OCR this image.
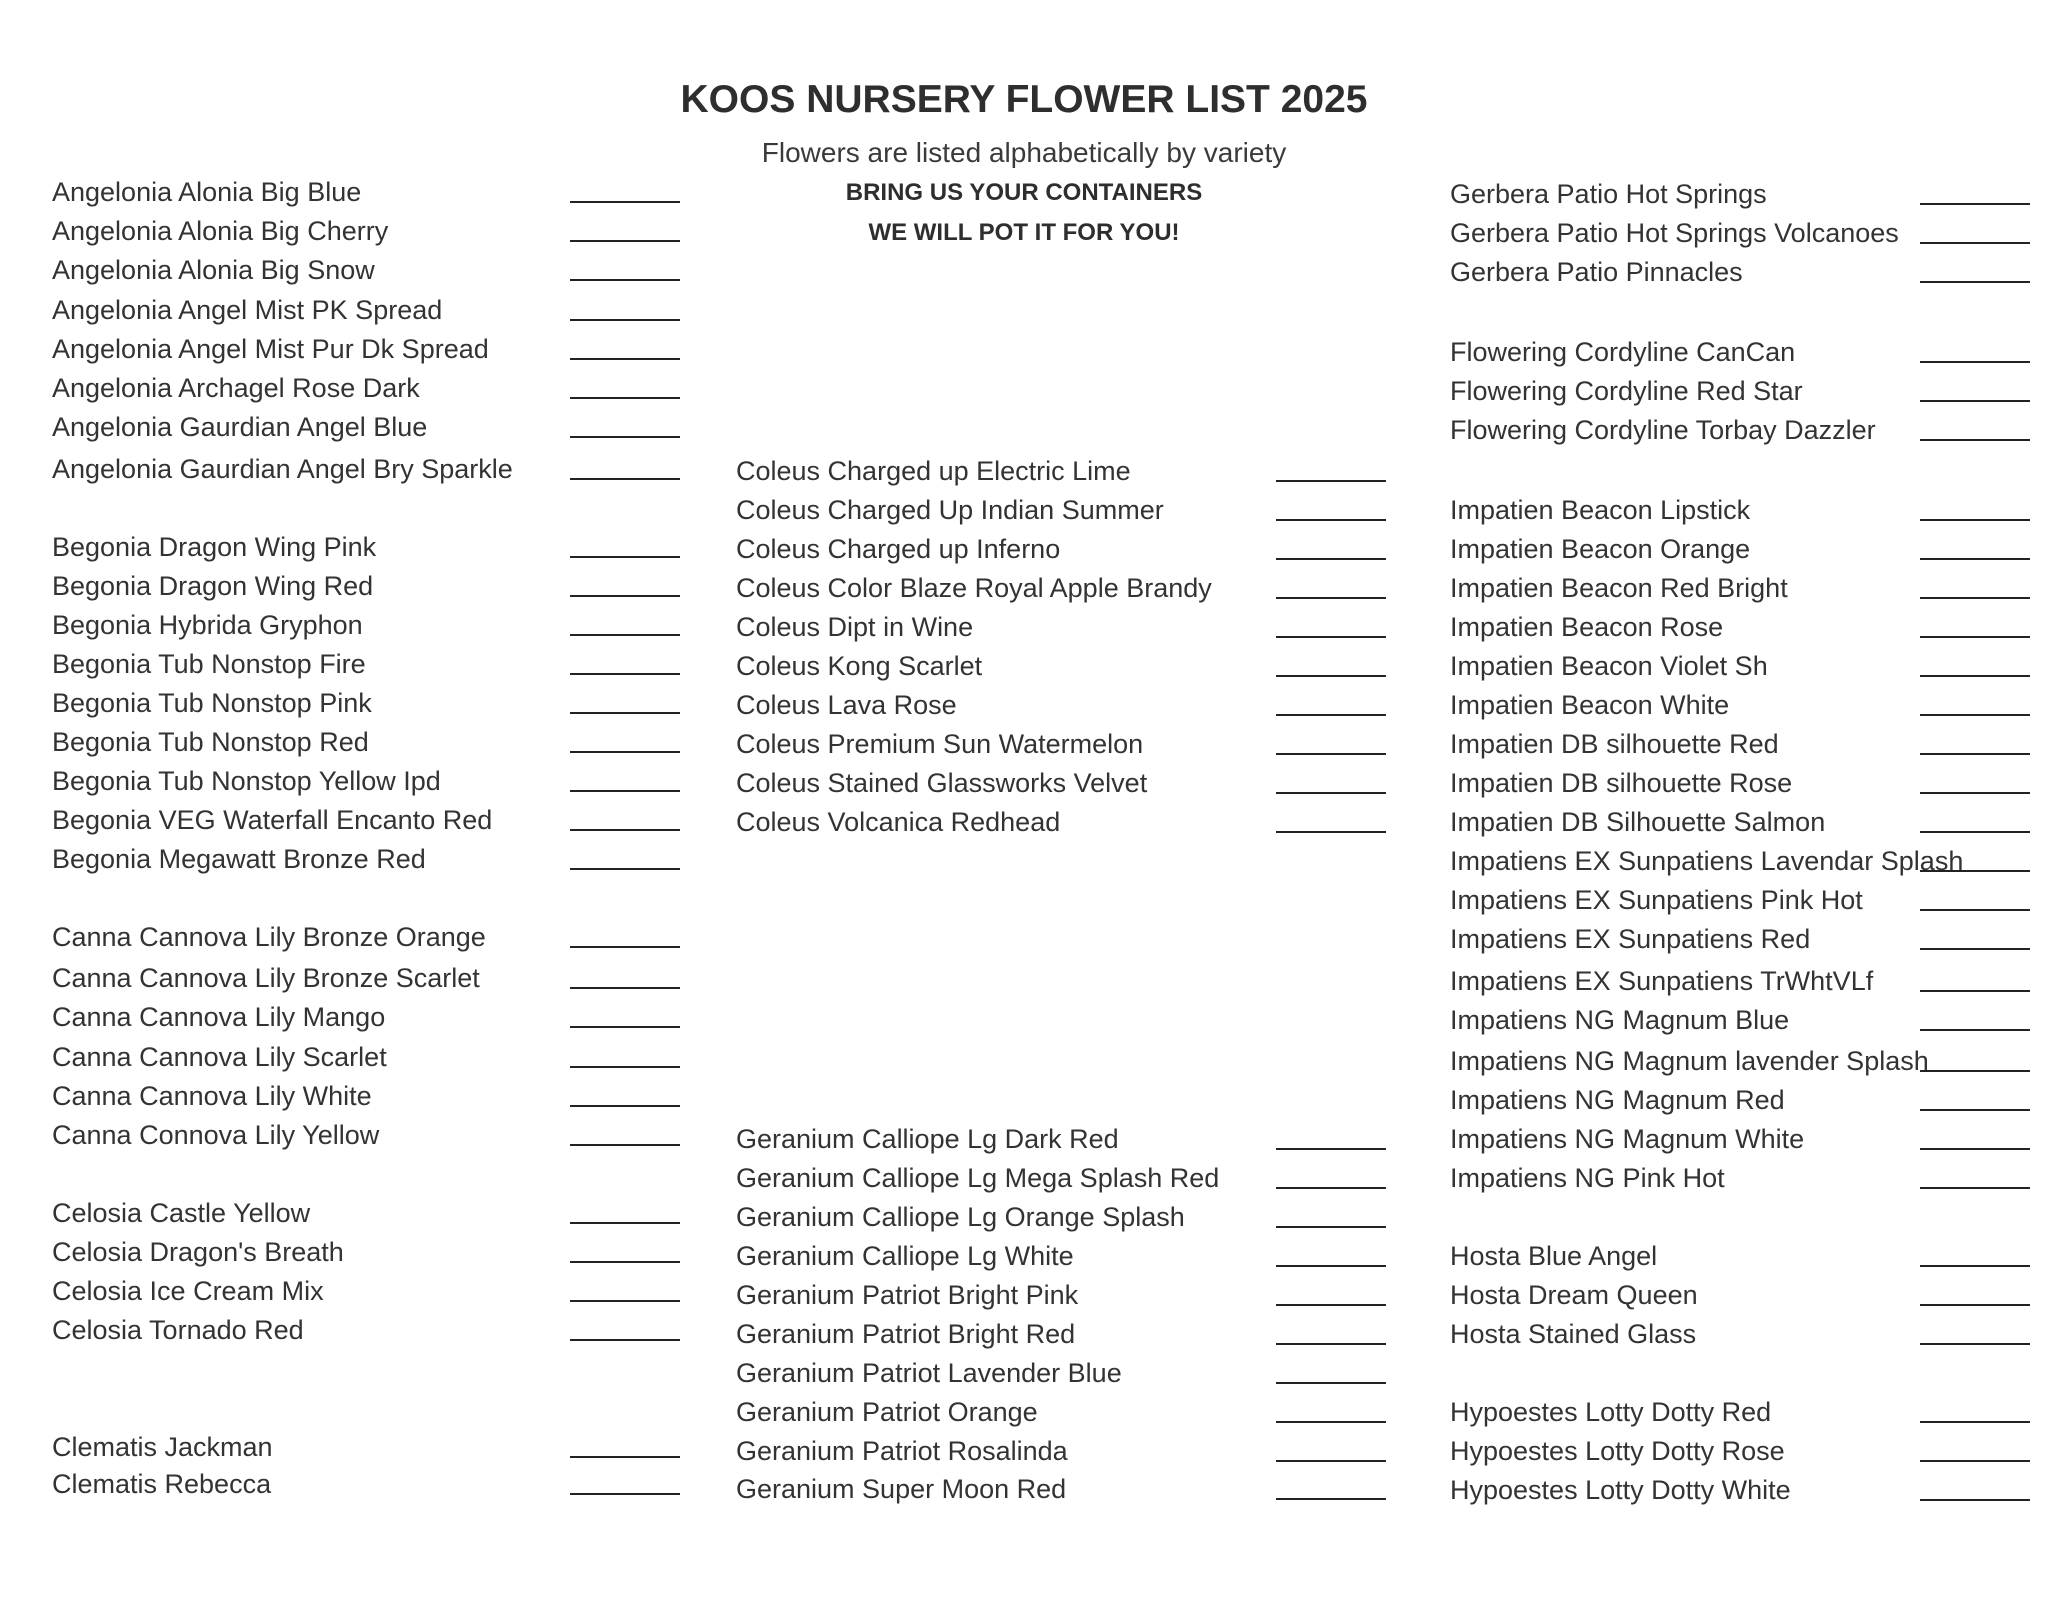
KOOS NURSERY FLOWER LIST 2025
Flowers are listed alphabetically by variety
BRING US YOUR CONTAINERS
WE WILL POT IT FOR YOU!
Angelonia Alonia Big Blue
Angelonia Alonia Big Cherry
Angelonia Alonia Big Snow
Angelonia Angel Mist PK Spread
Angelonia Angel Mist Pur Dk Spread
Angelonia Archagel Rose Dark
Angelonia Gaurdian Angel Blue
Angelonia Gaurdian Angel Bry Sparkle
Begonia Dragon Wing Pink
Begonia Dragon Wing Red
Begonia Hybrida Gryphon
Begonia Tub Nonstop Fire
Begonia Tub Nonstop Pink
Begonia Tub Nonstop Red
Begonia Tub Nonstop Yellow Ipd
Begonia VEG Waterfall Encanto Red
Begonia Megawatt Bronze Red
Canna Cannova Lily Bronze Orange
Canna Cannova Lily Bronze Scarlet
Canna Cannova Lily Mango
Canna Cannova Lily Scarlet
Canna Cannova Lily White
Canna Connova Lily Yellow
Celosia Castle Yellow
Celosia Dragon's Breath
Celosia Ice Cream Mix
Celosia Tornado Red
Clematis Jackman
Clematis Rebecca
Coleus Charged up Electric Lime
Coleus Charged Up Indian Summer
Coleus Charged up Inferno
Coleus Color Blaze Royal Apple Brandy
Coleus Dipt in Wine
Coleus Kong Scarlet
Coleus Lava Rose
Coleus Premium Sun Watermelon
Coleus Stained Glassworks Velvet
Coleus Volcanica Redhead
Geranium Calliope Lg Dark Red
Geranium Calliope Lg Mega Splash Red
Geranium Calliope Lg Orange Splash
Geranium Calliope Lg White
Geranium Patriot Bright Pink
Geranium Patriot Bright Red
Geranium Patriot Lavender Blue
Geranium Patriot Orange
Geranium Patriot Rosalinda
Geranium Super Moon Red
Gerbera Patio Hot Springs
Gerbera Patio Hot Springs Volcanoes
Gerbera Patio Pinnacles
Flowering Cordyline CanCan
Flowering Cordyline Red Star
Flowering Cordyline Torbay Dazzler
Impatien Beacon Lipstick
Impatien Beacon Orange
Impatien Beacon Red Bright
Impatien Beacon Rose
Impatien Beacon Violet Sh
Impatien Beacon White
Impatien DB silhouette Red
Impatien DB silhouette Rose
Impatien DB Silhouette Salmon
Impatiens EX Sunpatiens Lavendar Splash
Impatiens EX Sunpatiens Pink Hot
Impatiens EX Sunpatiens Red
Impatiens EX Sunpatiens TrWhtVLf
Impatiens NG Magnum Blue
Impatiens NG Magnum lavender Splash
Impatiens NG Magnum Red
Impatiens NG Magnum White
Impatiens NG Pink Hot
Hosta Blue Angel
Hosta Dream Queen
Hosta Stained Glass
Hypoestes Lotty Dotty Red
Hypoestes Lotty Dotty Rose
Hypoestes Lotty Dotty White
